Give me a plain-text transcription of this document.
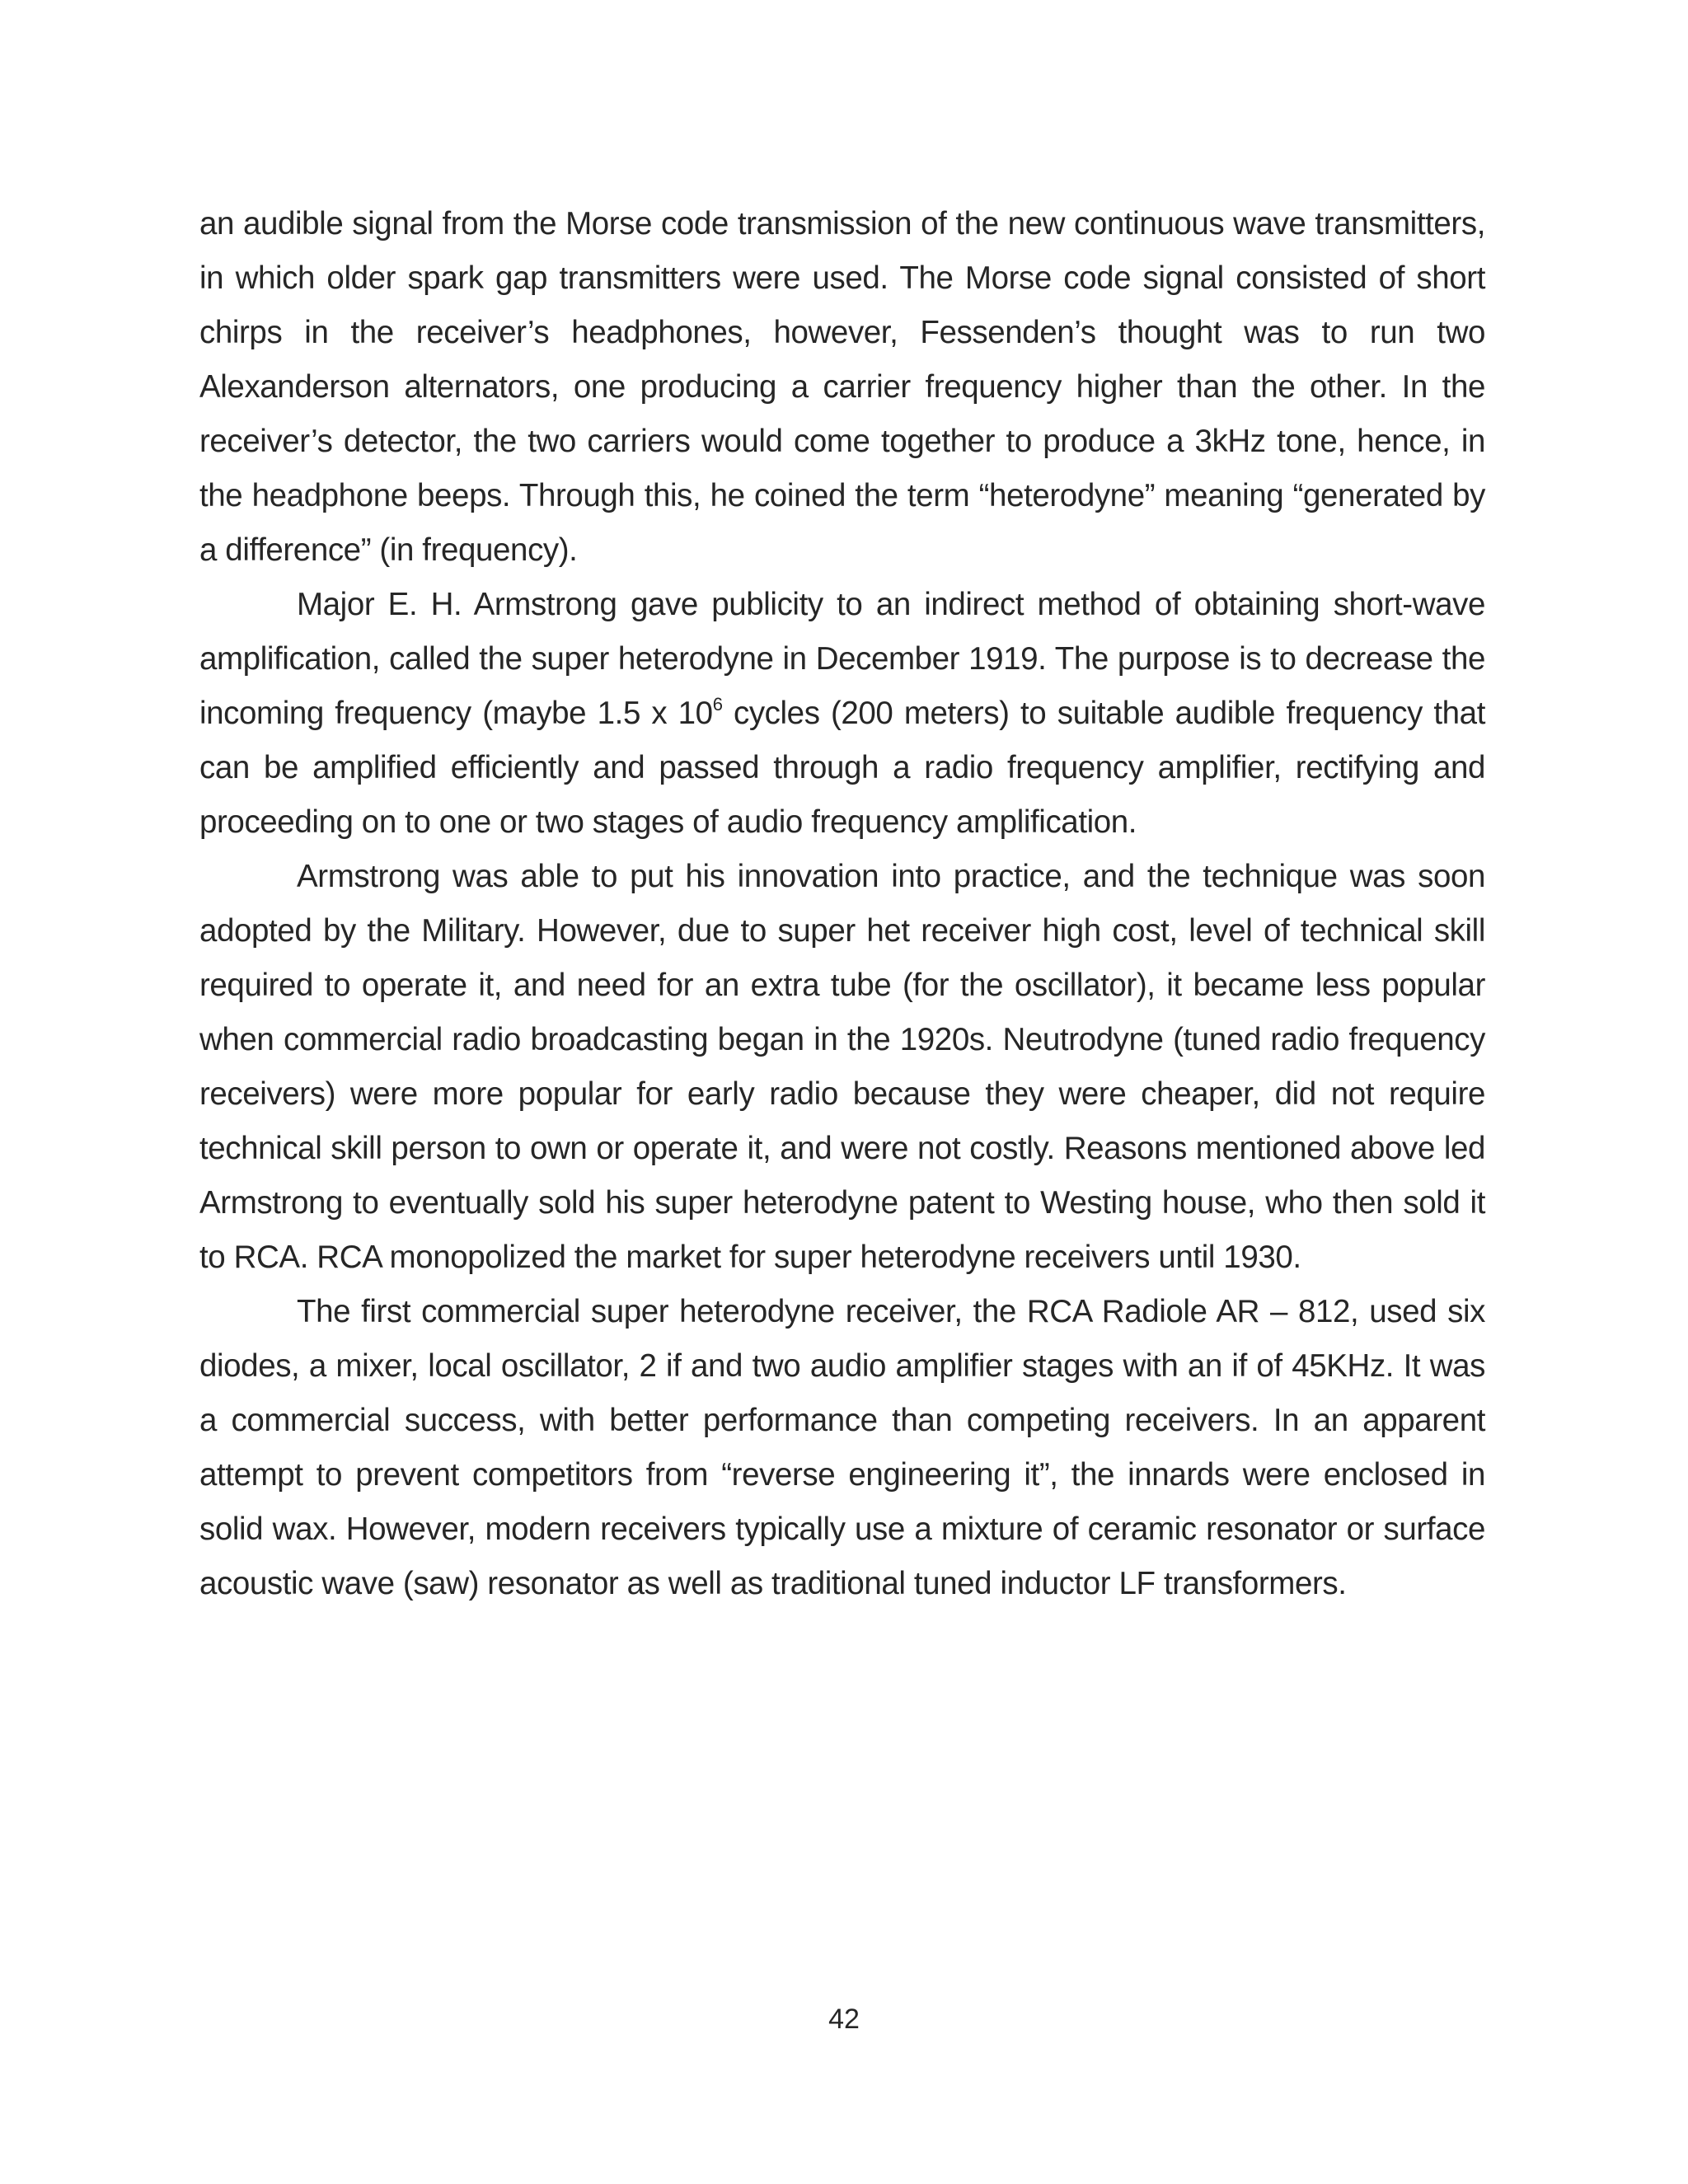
an audible signal from the Morse code transmission of the new continuous wave transmitters, in which older spark gap transmitters were used. The Morse code signal consisted of short chirps in the receiver’s headphones, however, Fessenden’s thought was to run two Alexanderson alternators, one producing a carrier frequency higher than the other. In the receiver’s detector, the two carriers would come together to produce a 3kHz tone, hence, in the headphone beeps. Through this, he coined the term “heterodyne” meaning “generated by a difference” (in frequency).

Major E. H. Armstrong gave publicity to an indirect method of obtaining short-wave amplification, called the super heterodyne in December 1919. The purpose is to decrease the incoming frequency (maybe 1.5 x $10^6$ cycles (200 meters) to suitable audible frequency that can be amplified efficiently and passed through a radio frequency amplifier, rectifying and proceeding on to one or two stages of audio frequency amplification.

Armstrong was able to put his innovation into practice, and the technique was soon adopted by the Military. However, due to super het receiver high cost, level of technical skill required to operate it, and need for an extra tube (for the oscillator), it became less popular when commercial radio broadcasting began in the 1920s. Neutrodyne (tuned radio frequency receivers) were more popular for early radio because they were cheaper, did not require technical skill person to own or operate it, and were not costly. Reasons mentioned above led Armstrong to eventually sold his super heterodyne patent to Westing house, who then sold it to RCA. RCA monopolized the market for super heterodyne receivers until 1930.

The first commercial super heterodyne receiver, the RCA Radiole AR – 812, used six diodes, a mixer, local oscillator, 2 if and two audio amplifier stages with an if of 45KHz. It was a commercial success, with better performance than competing receivers. In an apparent attempt to prevent competitors from “reverse engineering it”, the innards were enclosed in solid wax. However, modern receivers typically use a mixture of ceramic resonator or surface acoustic wave (saw) resonator as well as traditional tuned inductor LF transformers.

42
